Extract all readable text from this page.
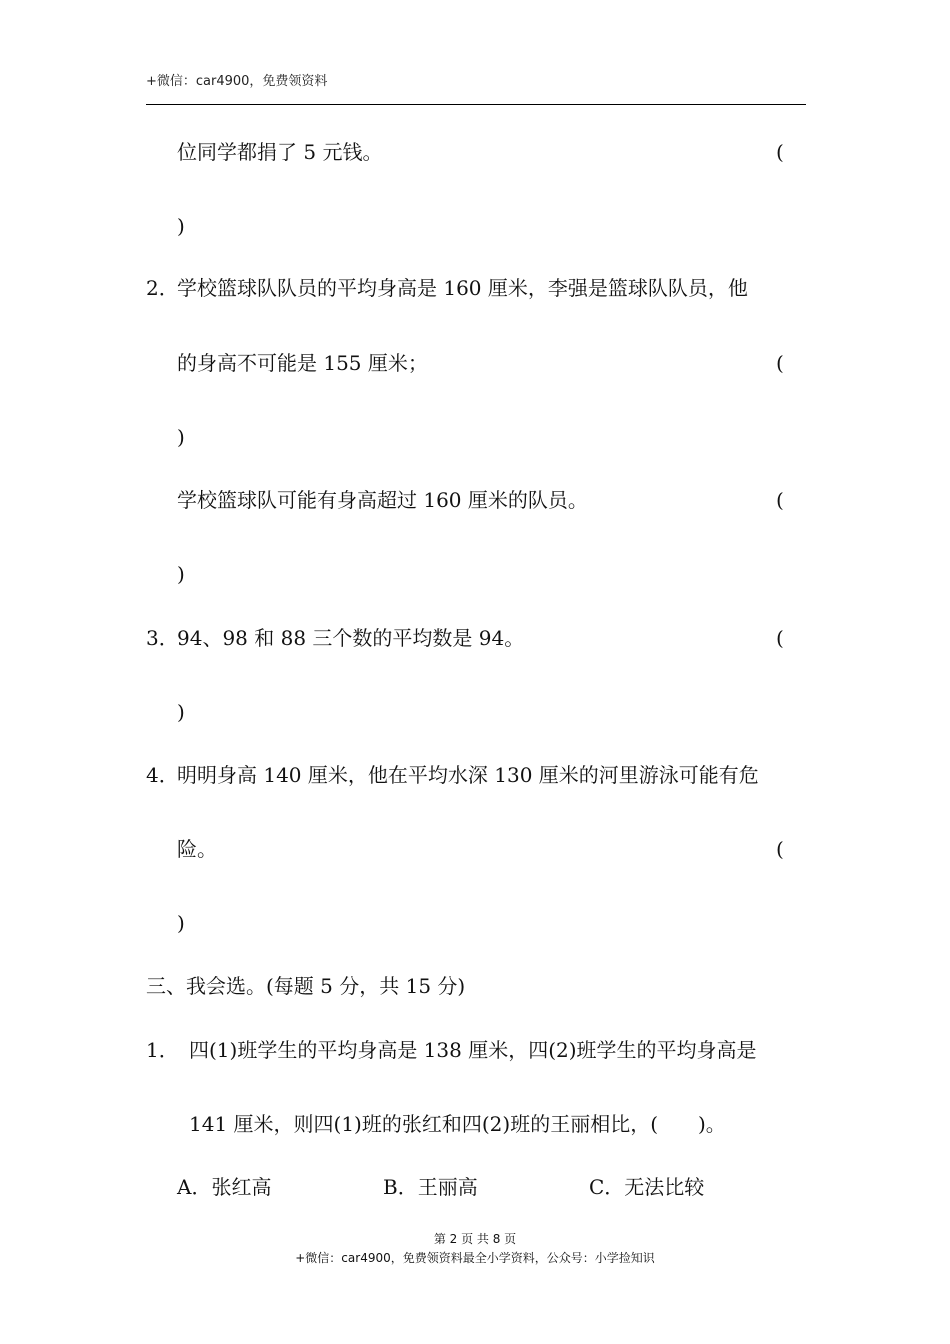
+微信：car4900，免费领资料
位同学都捐了 5 元钱。	(
)
2．
学校篮球队队员的平均身高是 160 厘米，李强是篮球队队员，他
的身高不可能是 155 厘米；	(
)
学校篮球队可能有身高超过 160 厘米的队员。	(
)
3．
94、98 和 88 三个数的平均数是 94。	(
)
4．
明明身高 140 厘米，他在平均水深 130 厘米的河里游泳可能有危
险。	(
)
三、我会选。(每题 5 分，共 15 分)
1． 四(1)班学生的平均身高是 138 厘米，四(2)班学生的平均身高是
141 厘米，则四(1)班的张红和四(2)班的王丽相比，( )。
A．张红高	B．王丽高	C．无法比较
第 2 页 共 8 页
+微信：car4900，免费领资料最全小学资料，公众号：小学捡知识
